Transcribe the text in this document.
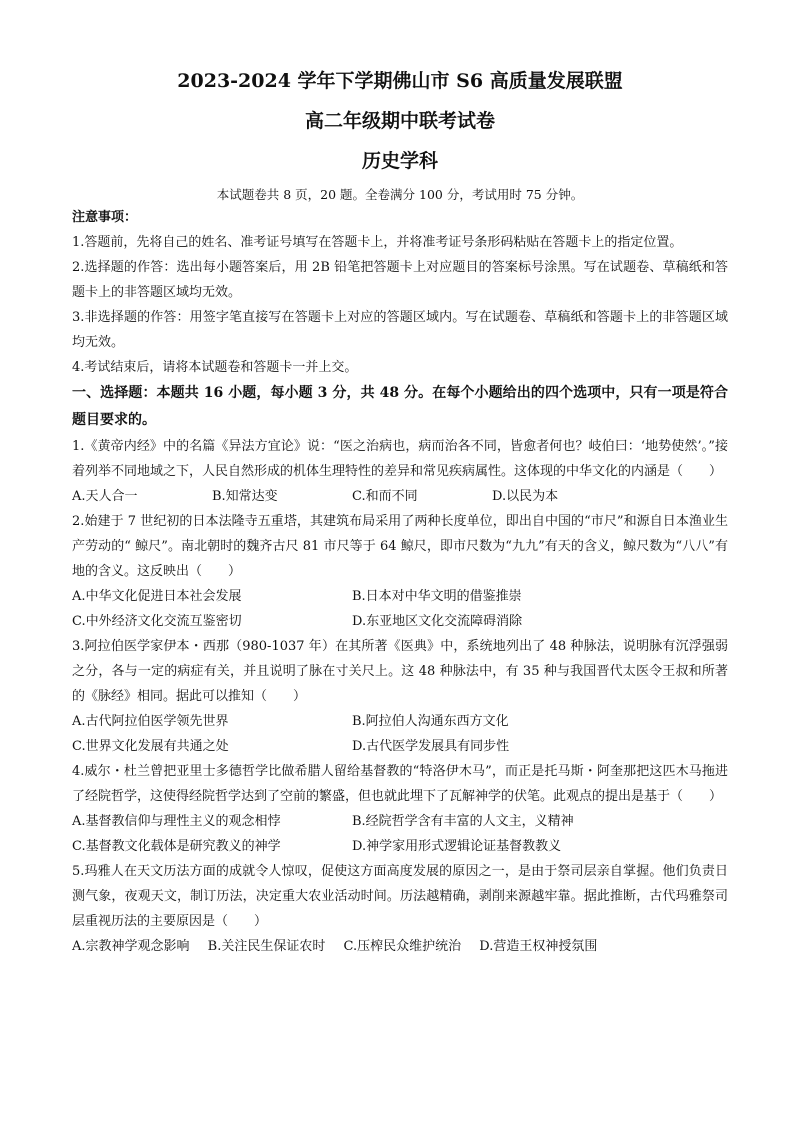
2023-2024 学年下学期佛山市 S6 高质量发展联盟
高二年级期中联考试卷
历史学科
本试题卷共 8 页，20 题。全卷满分 100 分，考试用时 75 分钟。
注意事项：

1.答题前，先将自己的姓名、准考证号填写在答题卡上，并将准考证号条形码粘贴在答题卡上的指定位置。

2.选择题的作答：选出每小题答案后，用 2B 铅笔把答题卡上对应题目的答案标号涂黑。写在试题卷、草稿纸和答题卡上的非答题区域均无效。

3.非选择题的作答：用签字笔直接写在答题卡上对应的答题区域内。写在试题卷、草稿纸和答题卡上的非答题区域均无效。

4.考试结束后，请将本试题卷和答题卡一并上交。

一、选择题：本题共 16 小题，每小题 3 分，共 48 分。在每个小题给出的四个选项中，只有一项是符合题目要求的。

1.《黄帝内经》中的名篇《异法方宜论》说：“医之治病也，病而治各不同，皆愈者何也？岐伯曰：‘地势使然’。”接着列举不同地域之下，人民自然形成的机体生理特性的差异和常见疾病属性。这体现的中华文化的内涵是（　　）

A.天人合一	B.知常达变	C.和而不同	D.以民为本

2.始建于 7 世纪初的日本法隆寺五重塔，其建筑布局采用了两种长度单位，即出自中国的“市尺”和源自日本渔业生产劳动的“ 鲸尺”。南北朝时的魏齐古尺 81 市尺等于 64 鲸尺，即市尺数为“九九”有天的含义，鲸尺数为“八八”有地的含义。这反映出（　　）

A.中华文化促进日本社会发展	B.日本对中华文明的借鉴推崇
C.中外经济文化交流互鉴密切	D.东亚地区文化交流障碍消除

3.阿拉伯医学家伊本・西那（980-1037 年）在其所著《医典》中，系统地列出了 48 种脉法，说明脉有沉浮强弱之分，各与一定的病症有关，并且说明了脉在寸关尺上。这 48 种脉法中，有 35 种与我国晋代太医令王叔和所著的《脉经》相同。据此可以推知（　　）

A.古代阿拉伯医学领先世界	B.阿拉伯人沟通东西方文化
C.世界文化发展有共通之处	D.古代医学发展具有同步性

4.威尔・杜兰曾把亚里士多德哲学比做希腊人留给基督教的“特洛伊木马”，而正是托马斯・阿奎那把这匹木马拖进了经院哲学，这使得经院哲学达到了空前的繁盛，但也就此埋下了瓦解神学的伏笔。此观点的提出是基于（　　）

A.基督教信仰与理性主义的观念相悖	B.经院哲学含有丰富的人文主，义精神
C.基督教文化载体是研究教义的神学	D.神学家用形式逻辑论证基督教教义

5.玛雅人在天文历法方面的成就令人惊叹，促使这方面高度发展的原因之一，是由于祭司层亲自掌握。他们负责日测气象，夜观天文，制订历法，决定重大农业活动时间。历法越精确，剥削来源越牢靠。据此推断，古代玛雅祭司层重视历法的主要原因是（　　）

A.宗教神学观念影响 B.关注民生保证农时 C.压榨民众维护统治 D.营造王权神授氛围
